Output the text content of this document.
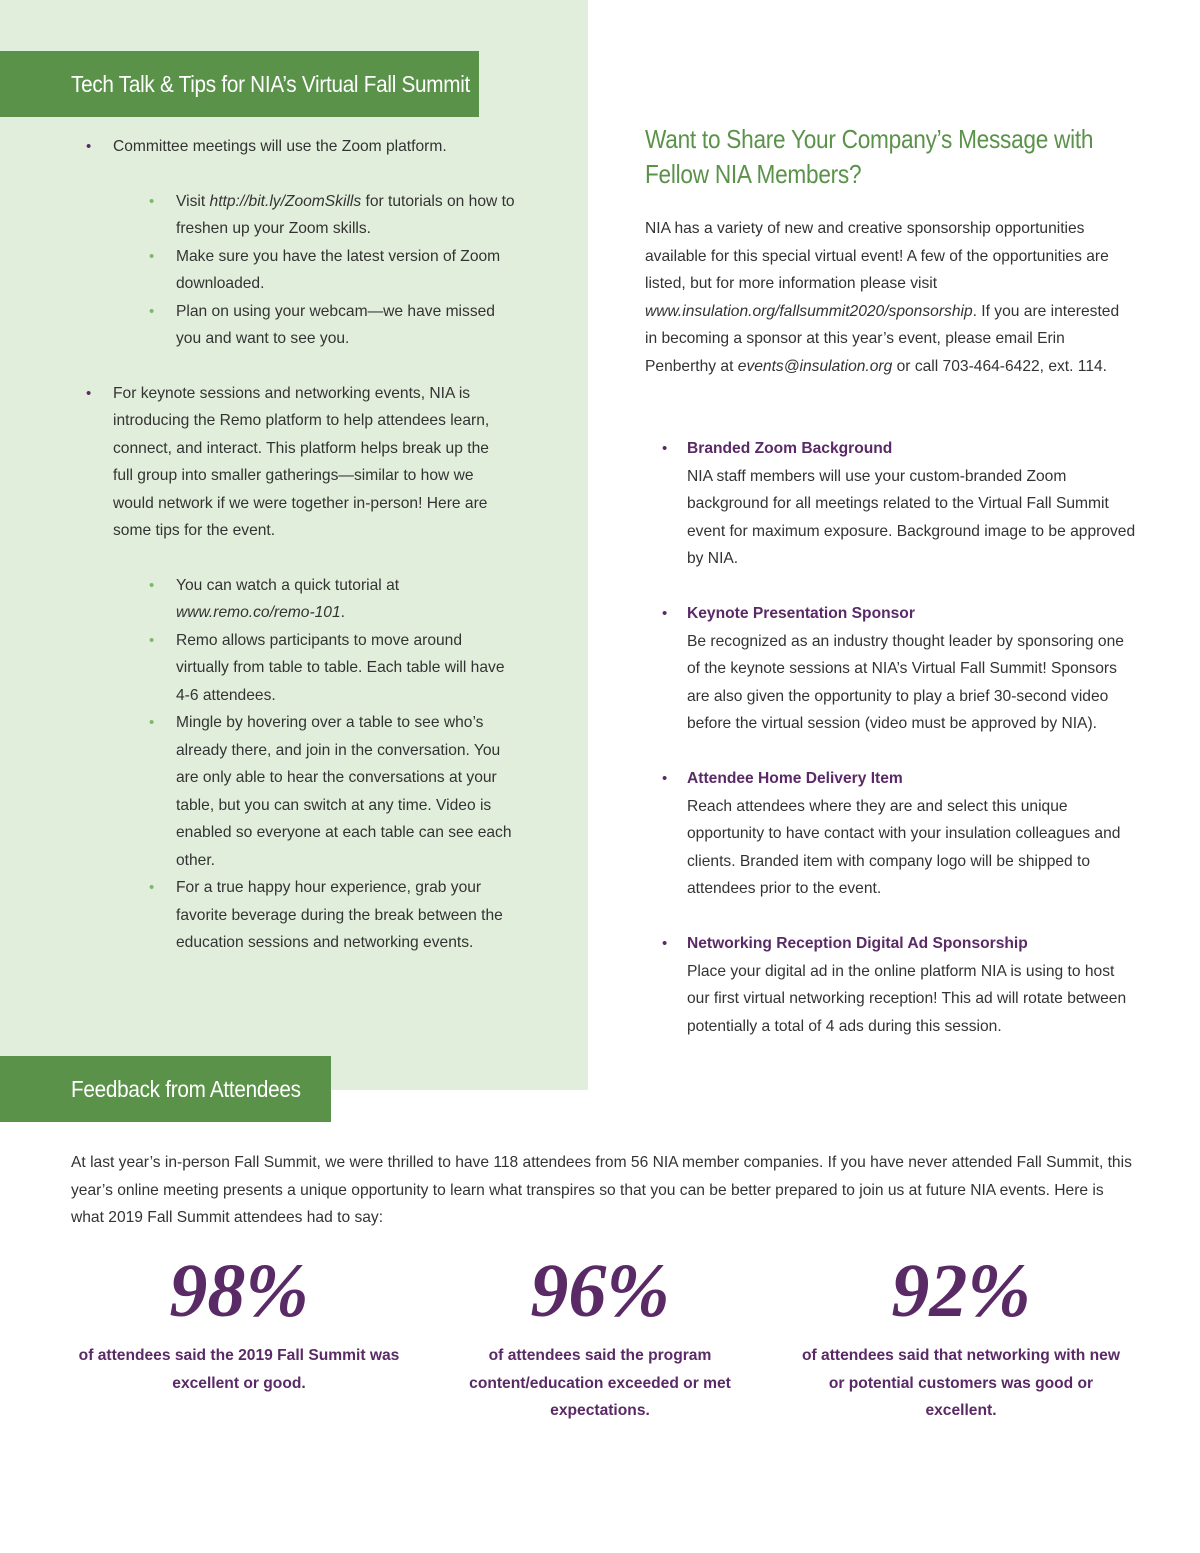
Tech Talk & Tips for NIA’s Virtual Fall Summit
• Committee meetings will use the Zoom platform.
• Visit http://bit.ly/ZoomSkills for tutorials on how to freshen up your Zoom skills.
• Make sure you have the latest version of Zoom downloaded.
• Plan on using your webcam—we have missed you and want to see you.
• For keynote sessions and networking events, NIA is introducing the Remo platform to help attendees learn, connect, and interact. This platform helps break up the full group into smaller gatherings—similar to how we would network if we were together in-person! Here are some tips for the event.
• You can watch a quick tutorial at www.remo.co/remo-101.
• Remo allows participants to move around virtually from table to table. Each table will have 4-6 attendees.
• Mingle by hovering over a table to see who’s already there, and join in the conversation. You are only able to hear the conversations at your table, but you can switch at any time. Video is enabled so everyone at each table can see each other.
• For a true happy hour experience, grab your favorite beverage during the break between the education sessions and networking events.
Want to Share Your Company’s Message with
Fellow NIA Members?
NIA has a variety of new and creative sponsorship opportunities available for this special virtual event! A few of the opportunities are listed, but for more information please visit www.insulation.org/fallsummit2020/sponsorship. If you are interested in becoming a sponsor at this year’s event, please email Erin Penberthy at events@insulation.org or call 703-464-6422, ext. 114.
• Branded Zoom Background
NIA staff members will use your custom-branded Zoom background for all meetings related to the Virtual Fall Summit event for maximum exposure. Background image to be approved by NIA.
• Keynote Presentation Sponsor
Be recognized as an industry thought leader by sponsoring one of the keynote sessions at NIA’s Virtual Fall Summit! Sponsors are also given the opportunity to play a brief 30-second video before the virtual session (video must be approved by NIA).
• Attendee Home Delivery Item
Reach attendees where they are and select this unique opportunity to have contact with your insulation colleagues and clients. Branded item with company logo will be shipped to attendees prior to the event.
• Networking Reception Digital Ad Sponsorship
Place your digital ad in the online platform NIA is using to host our first virtual networking reception! This ad will rotate between potentially a total of 4 ads during this session.
Feedback from Attendees
At last year’s in-person Fall Summit, we were thrilled to have 118 attendees from 56 NIA member companies. If you have never attended Fall Summit, this year’s online meeting presents a unique opportunity to learn what transpires so that you can be better prepared to join us at future NIA events. Here is what 2019 Fall Summit attendees had to say:
98%
of attendees said the 2019 Fall Summit was excellent or good.
96%
of attendees said the program content/education exceeded or met expectations.
92%
of attendees said that networking with new or potential customers was good or excellent.
